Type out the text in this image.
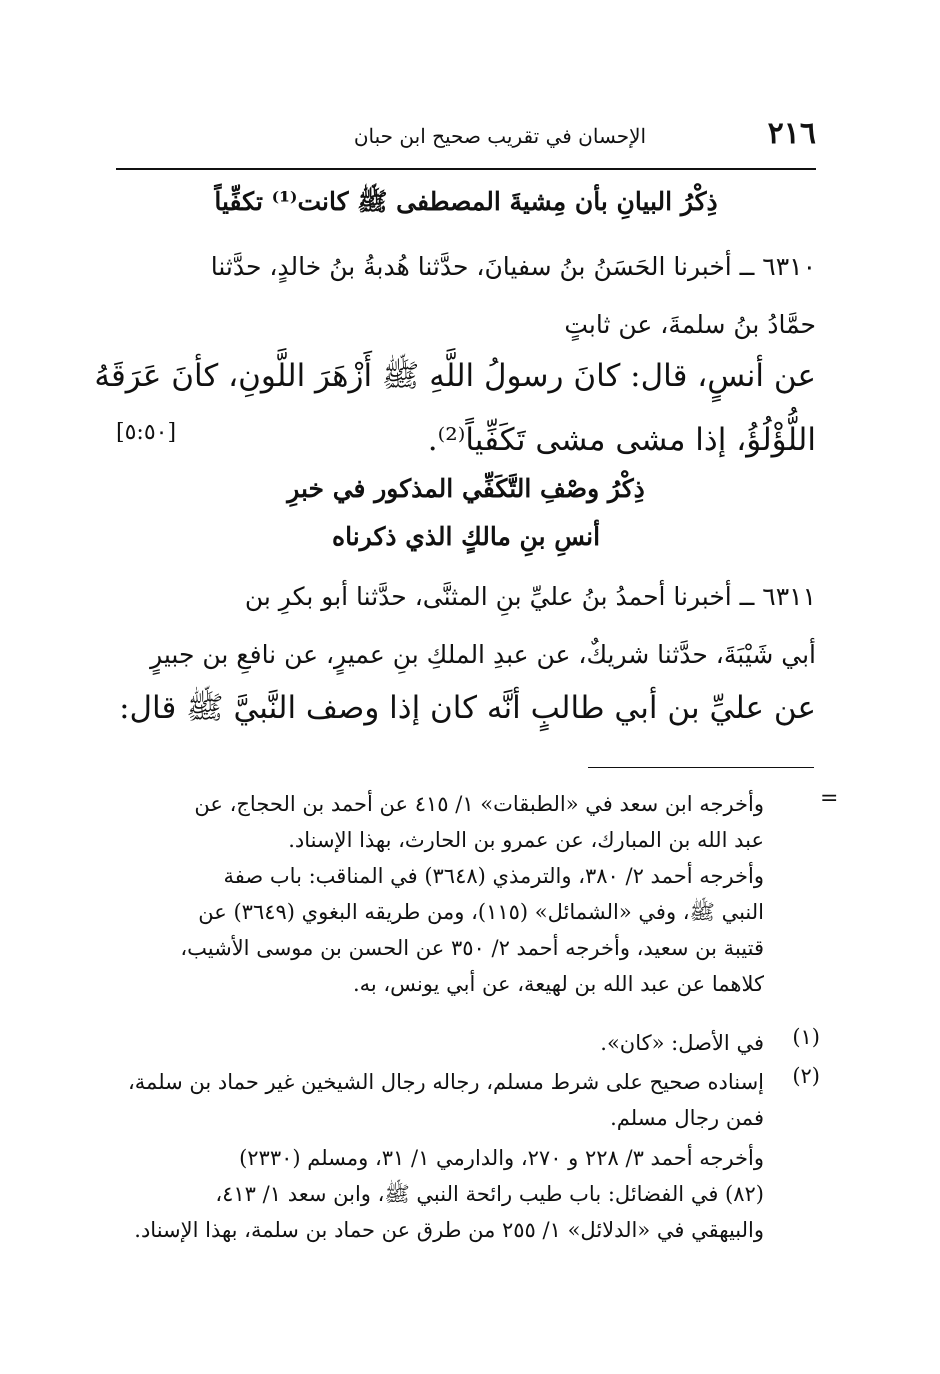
٢١٦
الإحسان في تقريب صحيح ابن حبان
ذِكْرُ البيانِ بأن مِشيةَ المصطفى ﷺ كانت⁽¹⁾ تكفِّياً
٦٣١٠ ــ أخبرنا الحَسَنُ بنُ سفيانَ، حدَّثنا هُدبةُ بنُ خالدٍ، حدَّثنا
حمَّادُ بنُ سلمةَ، عن ثابتٍ
عن أنسٍ، قال: كانَ رسولُ اللَّهِ ﷺ أَزْهَرَ اللَّونِ، كأنَ عَرَقَهُ
اللُّؤْلُؤُ، إذا مشى مشى تَكَفِّياً⁽²⁾.
[٥:٥٠]
ذِكْرُ وصْفِ التَّكَفِّي المذكور في خبرِ
أنسِ بنِ مالكٍ الذي ذكرناه
٦٣١١ ــ أخبرنا أحمدُ بنُ عليِّ بنِ المثنَّى، حدَّثنا أبو بكرِ بن
أبي شَيْبَةَ، حدَّثنا شريكٌ، عن عبدِ الملكِ بنِ عميرٍ، عن نافعِ بن جبيرٍ
عن عليِّ بن أبي طالبٍ أنَّه كان إذا وصف النَّبيَّ ﷺ قال:
=
وأخرجه ابن سعد في «الطبقات» ١/ ٤١٥ عن أحمد بن الحجاج، عن
عبد الله بن المبارك، عن عمرو بن الحارث، بهذا الإسناد.
وأخرجه أحمد ٢/ ٣٨٠، والترمذي (٣٦٤٨) في المناقب: باب صفة
النبي ﷺ، وفي «الشمائل» (١١٥)، ومن طريقه البغوي (٣٦٤٩) عن
قتيبة بن سعيد، وأخرجه أحمد ٢/ ٣٥٠ عن الحسن بن موسى الأشيب،
كلاهما عن عبد الله بن لهيعة، عن أبي يونس، به.
(١)
في الأصل: «كان».
(٢)
إسناده صحيح على شرط مسلم، رجاله رجال الشيخين غير حماد بن سلمة،
فمن رجال مسلم.
وأخرجه أحمد ٣/ ٢٢٨ و ٢٧٠، والدارمي ١/ ٣١، ومسلم (٢٣٣٠)
(٨٢) في الفضائل: باب طيب رائحة النبي ﷺ، وابن سعد ١/ ٤١٣،
والبيهقي في «الدلائل» ١/ ٢٥٥ من طرق عن حماد بن سلمة، بهذا الإسناد.
